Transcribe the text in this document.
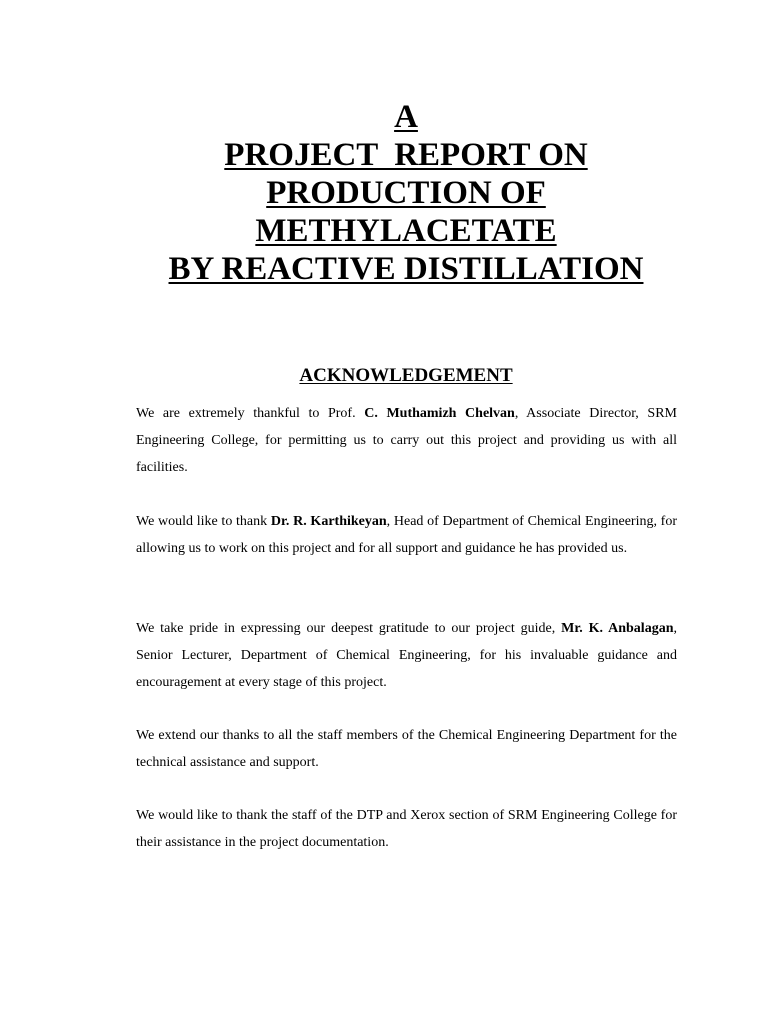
A
PROJECT  REPORT ON
PRODUCTION OF
METHYLACETATE
BY REACTIVE DISTILLATION
ACKNOWLEDGEMENT

We are extremely thankful to Prof. C. Muthamizh Chelvan, Associate Director, SRM Engineering College, for permitting us to carry out this project and providing us with all facilities.

We would like to thank Dr. R. Karthikeyan, Head of Department of Chemical Engineering, for allowing us to work on this project and for all support and guidance he has provided us.

We take pride in expressing our deepest gratitude to our project guide, Mr. K. Anbalagan, Senior Lecturer, Department of Chemical Engineering, for his invaluable guidance and encouragement at every stage of this project.

We extend our thanks to all the staff members of the Chemical Engineering Department for the technical assistance and support.

We would like to thank the staff of the DTP and Xerox section of SRM Engineering College for their assistance in the project documentation.
